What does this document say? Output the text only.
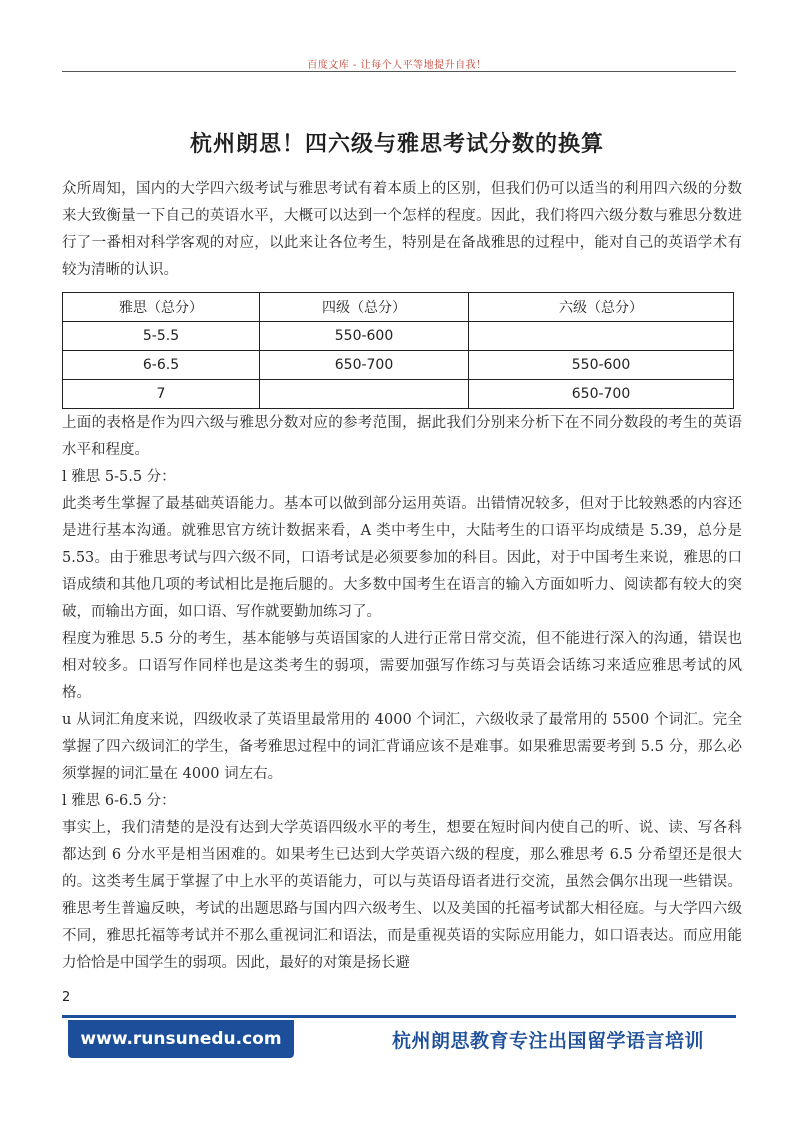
百度文库 - 让每个人平等地提升自我！
杭州朗思！四六级与雅思考试分数的换算

众所周知，国内的大学四六级考试与雅思考试有着本质上的区别，但我们仍可以适当的利用四六级的分数来大致衡量一下自己的英语水平，大概可以达到一个怎样的程度。因此，我们将四六级分数与雅思分数进行了一番相对科学客观的对应，以此来让各位考生，特别是在备战雅思的过程中，能对自己的英语学术有较为清晰的认识。

雅思（总分）	四级（总分）	六级（总分）
5-5.5	550-600	
6-6.5	650-700	550-600
7		650-700

上面的表格是作为四六级与雅思分数对应的参考范围，据此我们分别来分析下在不同分数段的考生的英语水平和程度。

l 雅思 5-5.5 分：

此类考生掌握了最基础英语能力。基本可以做到部分运用英语。出错情况较多，但对于比较熟悉的内容还是进行基本沟通。就雅思官方统计数据来看，A 类中考生中，大陆考生的口语平均成绩是 5.39，总分是 5.53。由于雅思考试与四六级不同，口语考试是必须要参加的科目。因此，对于中国考生来说，雅思的口语成绩和其他几项的考试相比是拖后腿的。大多数中国考生在语言的输入方面如听力、阅读都有较大的突破，而输出方面，如口语、写作就要勤加练习了。

程度为雅思 5.5 分的考生，基本能够与英语国家的人进行正常日常交流，但不能进行深入的沟通，错误也相对较多。口语写作同样也是这类考生的弱项，需要加强写作练习与英语会话练习来适应雅思考试的风格。

u 从词汇角度来说，四级收录了英语里最常用的 4000 个词汇，六级收录了最常用的 5500 个词汇。完全掌握了四六级词汇的学生，备考雅思过程中的词汇背诵应该不是难事。如果雅思需要考到 5.5 分，那么必须掌握的词汇量在 4000 词左右。

l 雅思 6-6.5 分：

事实上，我们清楚的是没有达到大学英语四级水平的考生，想要在短时间内使自己的听、说、读、写各科都达到 6 分水平是相当困难的。如果考生已达到大学英语六级的程度，那么雅思考 6.5 分希望还是很大的。这类考生属于掌握了中上水平的英语能力，可以与英语母语者进行交流，虽然会偶尔出现一些错误。雅思考生普遍反映，考试的出题思路与国内四六级考生、以及美国的托福考试都大相径庭。与大学四六级不同，雅思托福等考试并不那么重视词汇和语法，而是重视英语的实际应用能力，如口语表达。而应用能力恰恰是中国学生的弱项。因此，最好的对策是扬长避

2
www.runsunedu.com	杭州朗思教育专注出国留学语言培训
